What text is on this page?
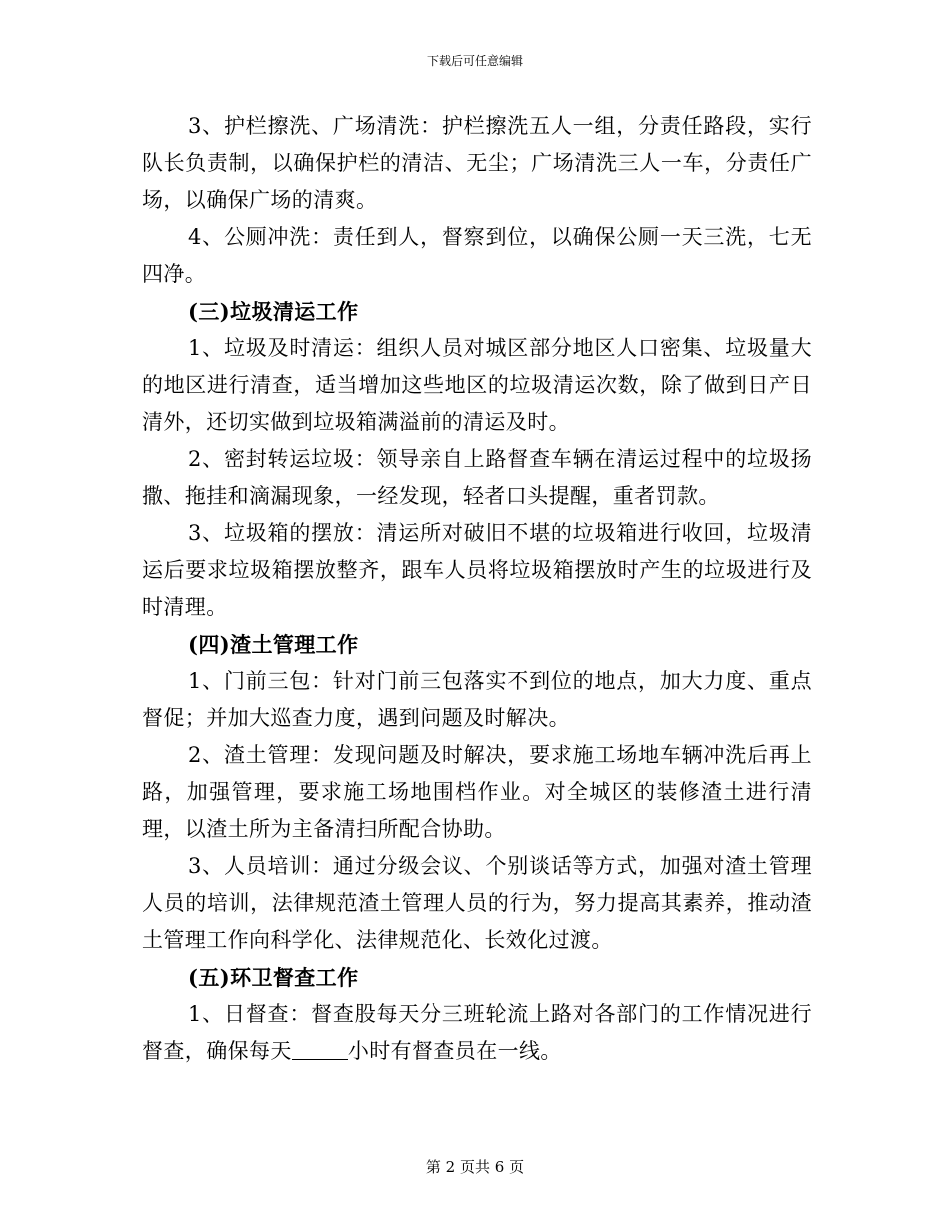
下载后可任意编辑

3、护栏擦洗、广场清洗：护栏擦洗五人一组，分责任路段，实行队长负责制，以确保护栏的清洁、无尘；广场清洗三人一车，分责任广场，以确保广场的清爽。

4、公厕冲洗：责任到人，督察到位，以确保公厕一天三洗，七无四净。

(三)垃圾清运工作

1、垃圾及时清运：组织人员对城区部分地区人口密集、垃圾量大的地区进行清查，适当增加这些地区的垃圾清运次数，除了做到日产日清外，还切实做到垃圾箱满溢前的清运及时。

2、密封转运垃圾：领导亲自上路督查车辆在清运过程中的垃圾扬撒、拖挂和滴漏现象，一经发现，轻者口头提醒，重者罚款。

3、垃圾箱的摆放：清运所对破旧不堪的垃圾箱进行收回，垃圾清运后要求垃圾箱摆放整齐，跟车人员将垃圾箱摆放时产生的垃圾进行及时清理。

(四)渣土管理工作

1、门前三包：针对门前三包落实不到位的地点，加大力度、重点督促；并加大巡查力度，遇到问题及时解决。

2、渣土管理：发现问题及时解决，要求施工场地车辆冲洗后再上路，加强管理，要求施工场地围档作业。对全城区的装修渣土进行清理，以渣土所为主备清扫所配合协助。

3、人员培训：通过分级会议、个别谈话等方式，加强对渣土管理人员的培训，法律规范渣土管理人员的行为，努力提高其素养，推动渣土管理工作向科学化、法律规范化、长效化过渡。

(五)环卫督查工作

1、日督查：督查股每天分三班轮流上路对各部门的工作情况进行督查，确保每天	小时有督查员在一线。

第 2 页共 6 页
